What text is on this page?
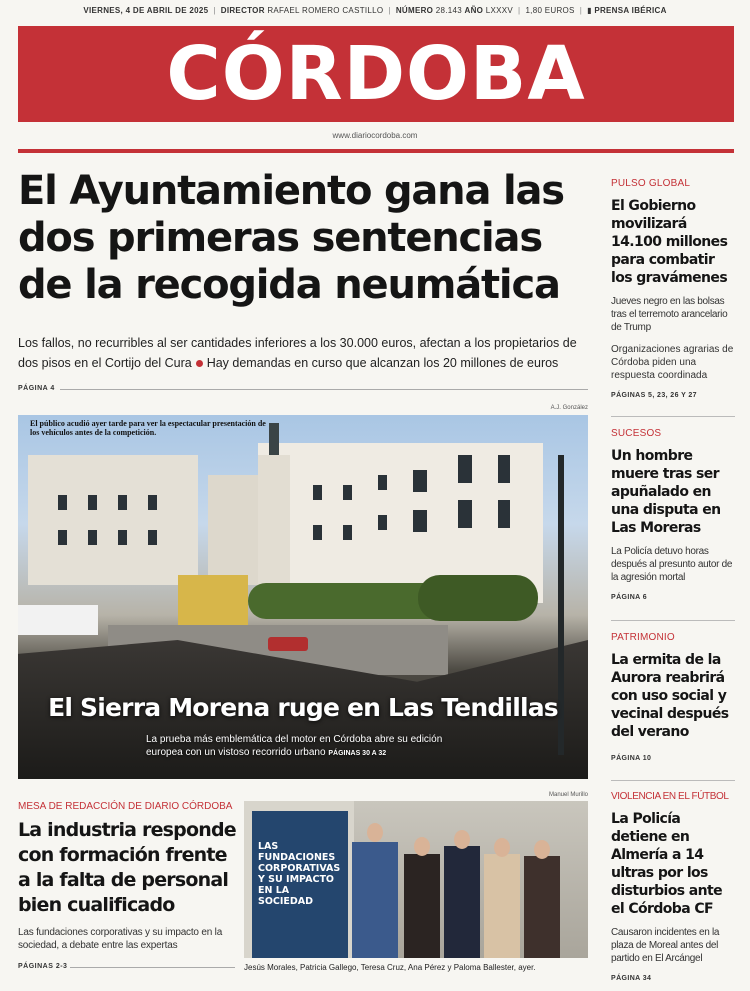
VIERNES, 4 DE ABRIL DE 2025 | DIRECTOR RAFAEL ROMERO CASTILLO | NÚMERO 28.143 AÑO LXXXV | 1,80 EUROS | ▮ PRENSA IBÉRICA
CÓRDOBA
www.diariocordoba.com
El Ayuntamiento gana las dos primeras sentencias de la recogida neumática
Los fallos, no recurribles al ser cantidades inferiores a los 30.000 euros, afectan a los propietarios de dos pisos en el Cortijo del Cura Hay demandas en curso que alcanzan los 20 millones de euros
PÁGINA 4
A.J. González
El público acudió ayer tarde para ver la espectacular presentación de los vehículos antes de la competición.
El Sierra Morena ruge en Las Tendillas
La prueba más emblemática del motor en Córdoba abre su edición europea con un vistoso recorrido urbano PÁGINAS 30 A 32
PULSO GLOBAL
El Gobierno movilizará 14.100 millones para combatir los gravámenes
Jueves negro en las bolsas tras el terremoto arancelario de Trump
Organizaciones agrarias de Córdoba piden una respuesta coordinada
PÁGINAS 5, 23, 26 Y 27
SUCESOS
Un hombre muere tras ser apuñalado en una disputa en Las Moreras
La Policía detuvo horas después al presunto autor de la agresión mortal
PÁGINA 6
PATRIMONIO
La ermita de la Aurora reabrirá con uso social y vecinal después del verano
PÁGINA 10
VIOLENCIA EN EL FÚTBOL
La Policía detiene en Almería a 14 ultras por los disturbios ante el Córdoba CF
Causaron incidentes en la plaza de Moreal antes del partido en El Arcángel
PÁGINA 34
MESA DE REDACCIÓN DE DIARIO CÓRDOBA
La industria responde con formación frente a la falta de personal bien cualificado
Las fundaciones corporativas y su impacto en la sociedad, a debate entre las expertas
PÁGINAS 2-3
Manuel Murillo
LAS FUNDACIONES CORPORATIVAS Y SU IMPACTO EN LA SOCIEDAD
Jesús Morales, Patricia Gallego, Teresa Cruz, Ana Pérez y Paloma Ballester, ayer.
